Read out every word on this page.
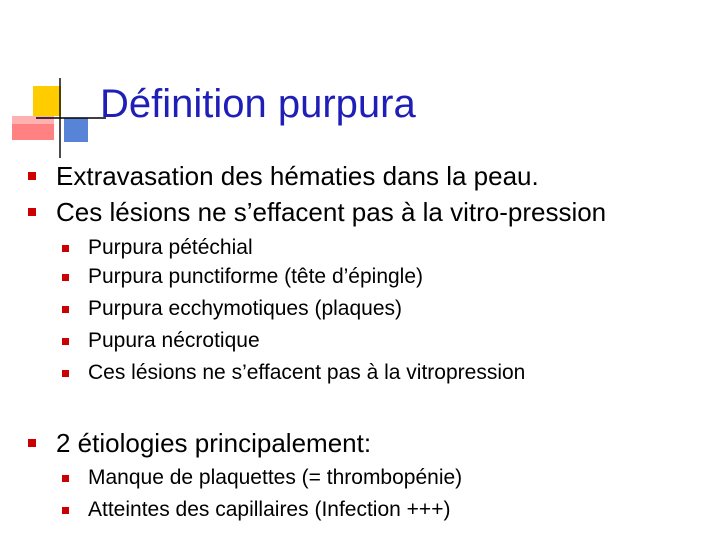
Définition purpura
Extravasation des hématies dans la peau.
Ces lésions ne s’effacent pas à la vitro-pression
Purpura pétéchial
Purpura punctiforme (tête d’épingle)
Purpura ecchymotiques (plaques)
Pupura nécrotique
Ces lésions ne s’effacent pas à la vitropression
2 étiologies principalement:
Manque de plaquettes (= thrombopénie)
Atteintes des capillaires (Infection +++)
